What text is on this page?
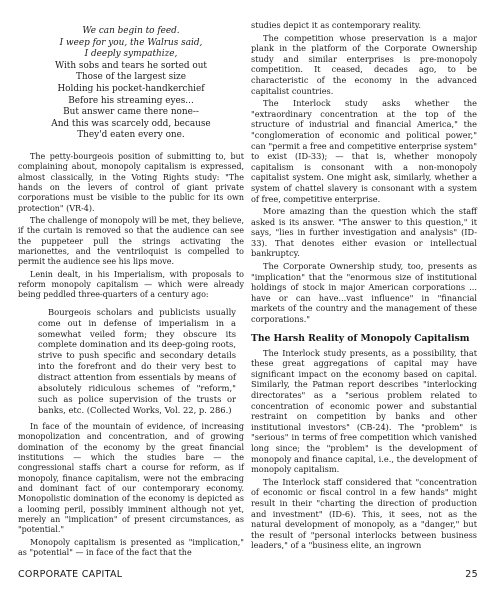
We can begin to feed.
I weep for you, the Walrus said,
I deeply sympathize,
With sobs and tears he sorted out
Those of the largest size
Holding his pocket-handkerchief
Before his streaming eyes...
But answer came there none--
And this was scarcely odd, because
They'd eaten every one.

The petty-bourgeois position of submitting to, but complaining about, monopoly capitalism is expressed, almost classically, in the Voting Rights study: "The hands on the levers of control of giant private corporations must be visible to the public for its own protection" (VR-4).

The challenge of monopoly will be met, they believe, if the curtain is removed so that the audience can see the puppeteer pull the strings activating the marionettes, and the ventriloquist is compelled to permit the audience see his lips move.

Lenin dealt, in his Imperialism, with proposals to reform monopoly capitalism — which were already being peddled three-quarters of a century ago:

Bourgeois scholars and publicists usually come out in defense of imperialism in a somewhat veiled form; they obscure its complete domination and its deep-going roots, strive to push specific and secondary details into the forefront and do their very best to distract attention from essentials by means of absolutely ridiculous schemes of "reform," such as police supervision of the trusts or banks, etc. (Collected Works, Vol. 22, p. 286.)

In face of the mountain of evidence, of increasing monopolization and concentration, and of growing domination of the economy by the great financial institutions — which the studies bare — the congressional staffs chart a course for reform, as if monopoly, finance capitalism, were not the embracing and dominant fact of our contemporary economy. Monopolistic domination of the economy is depicted as a looming peril, possibly imminent although not yet, merely an "implication" of present circumstances, as "potential."

Monopoly capitalism is presented as "implication," as "potential" — in face of the fact that the

studies depict it as contemporary reality.

The competition whose preservation is a major plank in the platform of the Corporate Ownership study and similar enterprises is pre-monopoly competition. It ceased, decades ago, to be characteristic of the economy in the advanced capitalist countries.

The Interlock study asks whether the "extraordinary concentration at the top of the structure of industrial and financial America," the "conglomeration of economic and political power," can "permit a free and competitive enterprise system" to exist (ID-33); — that is, whether monopoly capitalism is consonant with a non-monopoly capitalist system. One might ask, similarly, whether a system of chattel slavery is consonant with a system of free, competitive enterprise.

More amazing than the question which the staff asked is its answer. "The answer to this question," it says, "lies in further investigation and analysis" (ID-33). That denotes either evasion or intellectual bankruptcy.

The Corporate Ownership study, too, presents as "implication" that the "enormous size of institutional holdings of stock in major American corporations ... have or can have...vast influence" in "financial markets of the country and the management of these corporations."

The Harsh Reality of Monopoly Capitalism

The Interlock study presents, as a possibility, that these great aggregations of capital may have significant impact on the economy based on capital. Similarly, the Patman report describes "interlocking directorates" as a "serious problem related to concentration of economic power and substantial restraint on competition by banks and other institutional investors" (CB-24). The "problem" is "serious" in terms of free competition which vanished long since; the "problem" is the development of monopoly and finance capital, i.e., the development of monopoly capitalism.

The Interlock staff considered that "concentration of economic or fiscal control in a few hands" might result in their "charting the direction of production and investment" (ID-6). This, it sees, not as the natural development of monopoly, as a "danger," but the result of "personal interlocks between business leaders," of a "business elite, an ingrown

CORPORATE CAPITAL	25
